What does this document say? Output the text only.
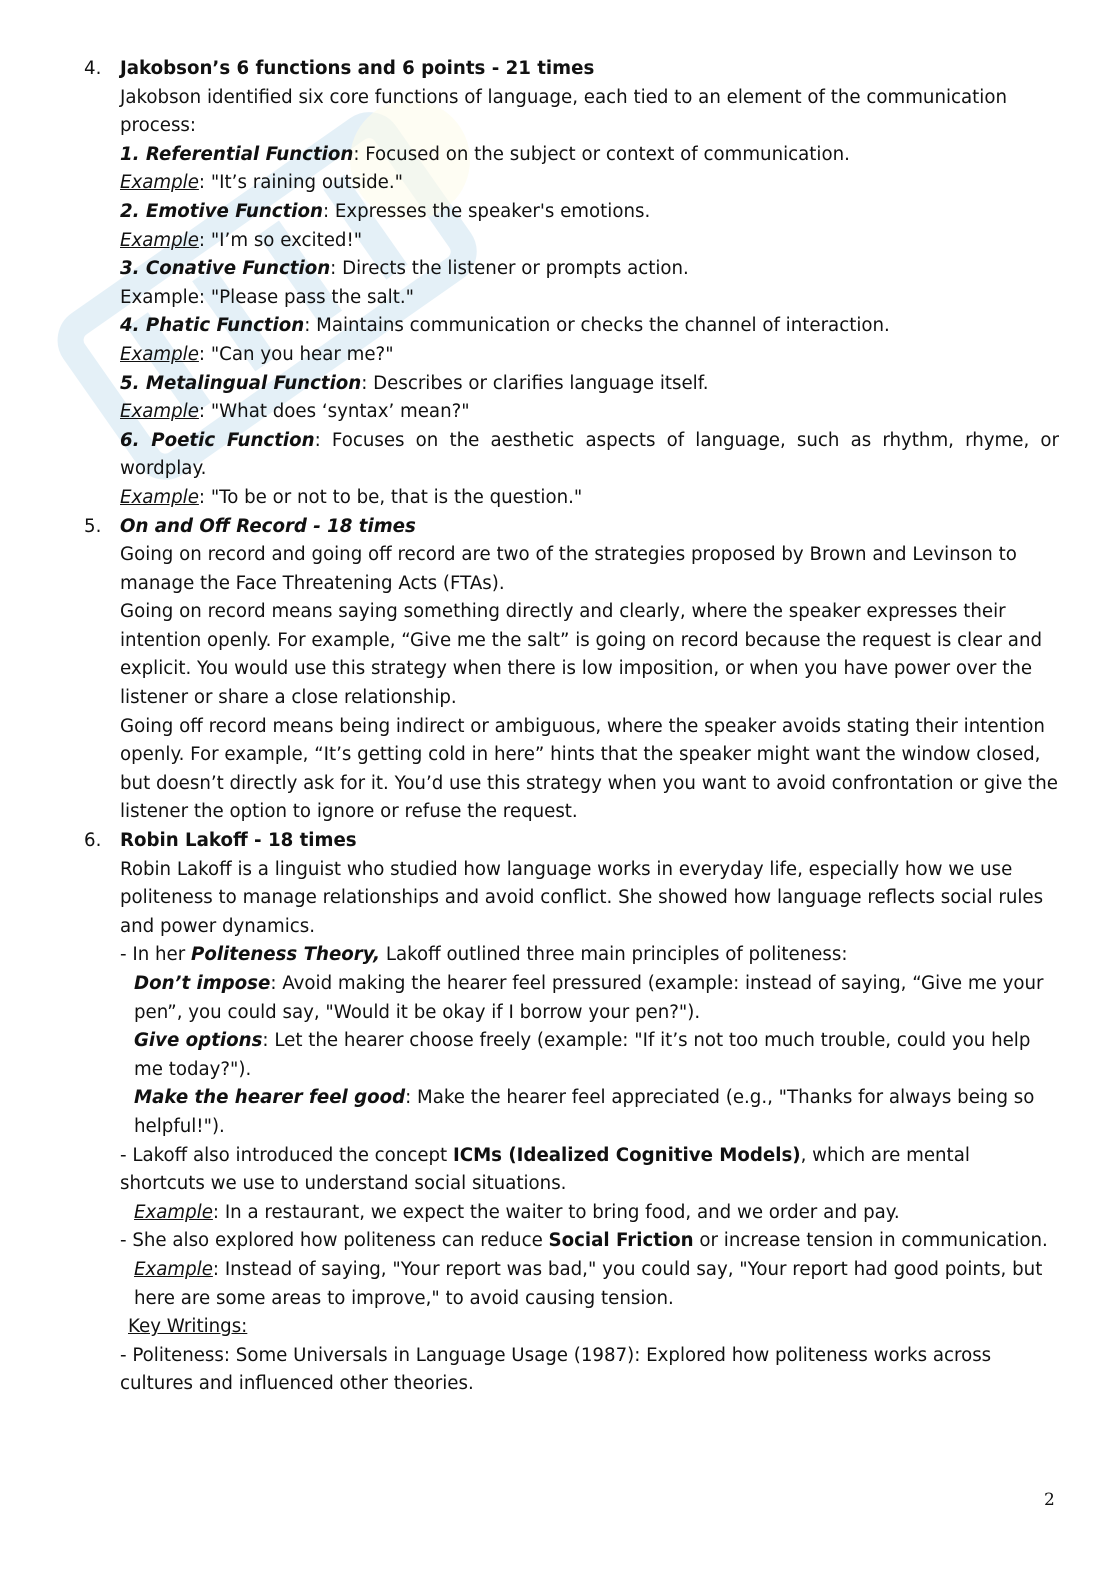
4.	Jakobson’s 6 functions and 6 points - 21 times
Jakobson identified six core functions of language, each tied to an element of the communication process:
1. Referential Function: Focused on the subject or context of communication.
Example: "It’s raining outside."
2. Emotive Function: Expresses the speaker's emotions.
Example: "I’m so excited!"
3. Conative Function: Directs the listener or prompts action.
Example: "Please pass the salt."
4. Phatic Function: Maintains communication or checks the channel of interaction.
Example: "Can you hear me?"
5. Metalingual Function: Describes or clarifies language itself.
Example: "What does ‘syntax’ mean?"
6. Poetic Function: Focuses on the aesthetic aspects of language, such as rhythm, rhyme, or wordplay.
Example: "To be or not to be, that is the question."
5.	On and Off Record - 18 times
Going on record and going off record are two of the strategies proposed by Brown and Levinson to manage the Face Threatening Acts (FTAs).
Going on record means saying something directly and clearly, where the speaker expresses their intention openly. For example, “Give me the salt” is going on record because the request is clear and explicit. You would use this strategy when there is low imposition, or when you have power over the listener or share a close relationship.
Going off record means being indirect or ambiguous, where the speaker avoids stating their intention openly. For example, “It’s getting cold in here” hints that the speaker might want the window closed, but doesn’t directly ask for it. You’d use this strategy when you want to avoid confrontation or give the listener the option to ignore or refuse the request.
6.	Robin Lakoff - 18 times
Robin Lakoff is a linguist who studied how language works in everyday life, especially how we use politeness to manage relationships and avoid conflict. She showed how language reflects social rules and power dynamics.
- In her Politeness Theory, Lakoff outlined three main principles of politeness:
Don’t impose: Avoid making the hearer feel pressured (example: instead of saying, “Give me your pen”, you could say, "Would it be okay if I borrow your pen?").
Give options: Let the hearer choose freely (example: "If it’s not too much trouble, could you help me today?").
Make the hearer feel good: Make the hearer feel appreciated (e.g., "Thanks for always being so helpful!").
- Lakoff also introduced the concept ICMs (Idealized Cognitive Models), which are mental shortcuts we use to understand social situations.
Example: In a restaurant, we expect the waiter to bring food, and we order and pay.
- She also explored how politeness can reduce Social Friction or increase tension in communication.
Example: Instead of saying, "Your report was bad," you could say, "Your report had good points, but here are some areas to improve," to avoid causing tension.
Key Writings:
- Politeness: Some Universals in Language Usage (1987): Explored how politeness works across cultures and influenced other theories.
2
